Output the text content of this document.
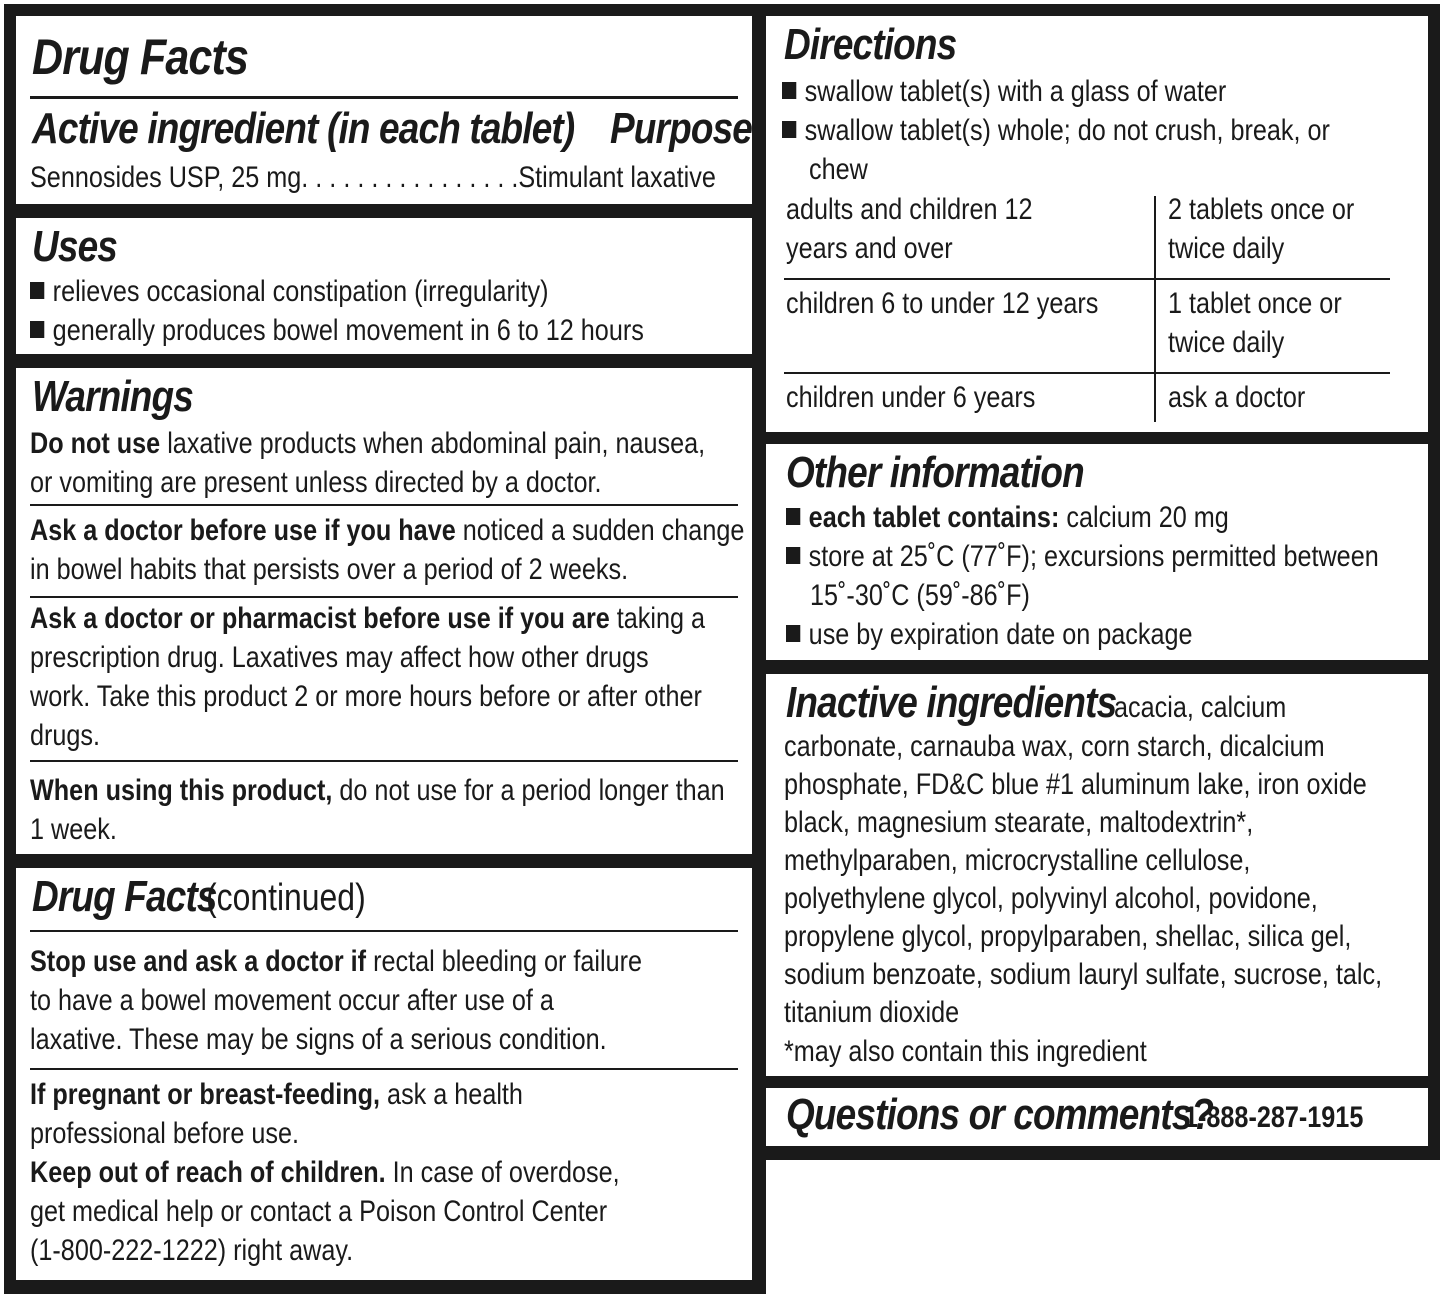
Drug Facts
Active ingredient (in each tablet) Purpose
Sennosides USP, 25 mg. . . . . . . . . . . . . . . .Stimulant laxative
Uses
relieves occasional constipation (irregularity)
generally produces bowel movement in 6 to 12 hours
Warnings
Do not use laxative products when abdominal pain, nausea,
or vomiting are present unless directed by a doctor.
Ask a doctor before use if you have noticed a sudden change
in bowel habits that persists over a period of 2 weeks.
Ask a doctor or pharmacist before use if you are taking a
prescription drug. Laxatives may affect how other drugs
work. Take this product 2 or more hours before or after other
drugs.
When using this product, do not use for a period longer than
1 week.
Drug Facts
(continued)
Stop use and ask a doctor if rectal bleeding or failure
to have a bowel movement occur after use of a
laxative. These may be signs of a serious condition.
If pregnant or breast-feeding, ask a health
professional before use.
Keep out of reach of children. In case of overdose,
get medical help or contact a Poison Control Center
(1-800-222-1222) right away.
Directions
swallow tablet(s) with a glass of water
swallow tablet(s) whole; do not crush, break, or
chew
adults and children 12
years and over
2 tablets once or
twice daily
children 6 to under 12 years 1 tablet once or
twice daily
children under 6 years	ask a doctor
Other information
each tablet contains: calcium 20 mg
store at 25˚C (77˚F); excursions permitted between
15˚-30˚C (59˚-86˚F)
use by expiration date on package
Inactive ingredients
acacia, calcium
carbonate, carnauba wax, corn starch, dicalcium
phosphate, FD&C blue #1 aluminum lake, iron oxide
black, magnesium stearate, maltodextrin*,
methylparaben, microcrystalline cellulose,
polyethylene glycol, polyvinyl alcohol, povidone,
propylene glycol, propylparaben, shellac, silica gel,
sodium benzoate, sodium lauryl sulfate, sucrose, talc,
titanium dioxide
*may also contain this ingredient
Questions or comments?
1-888-287-1915
